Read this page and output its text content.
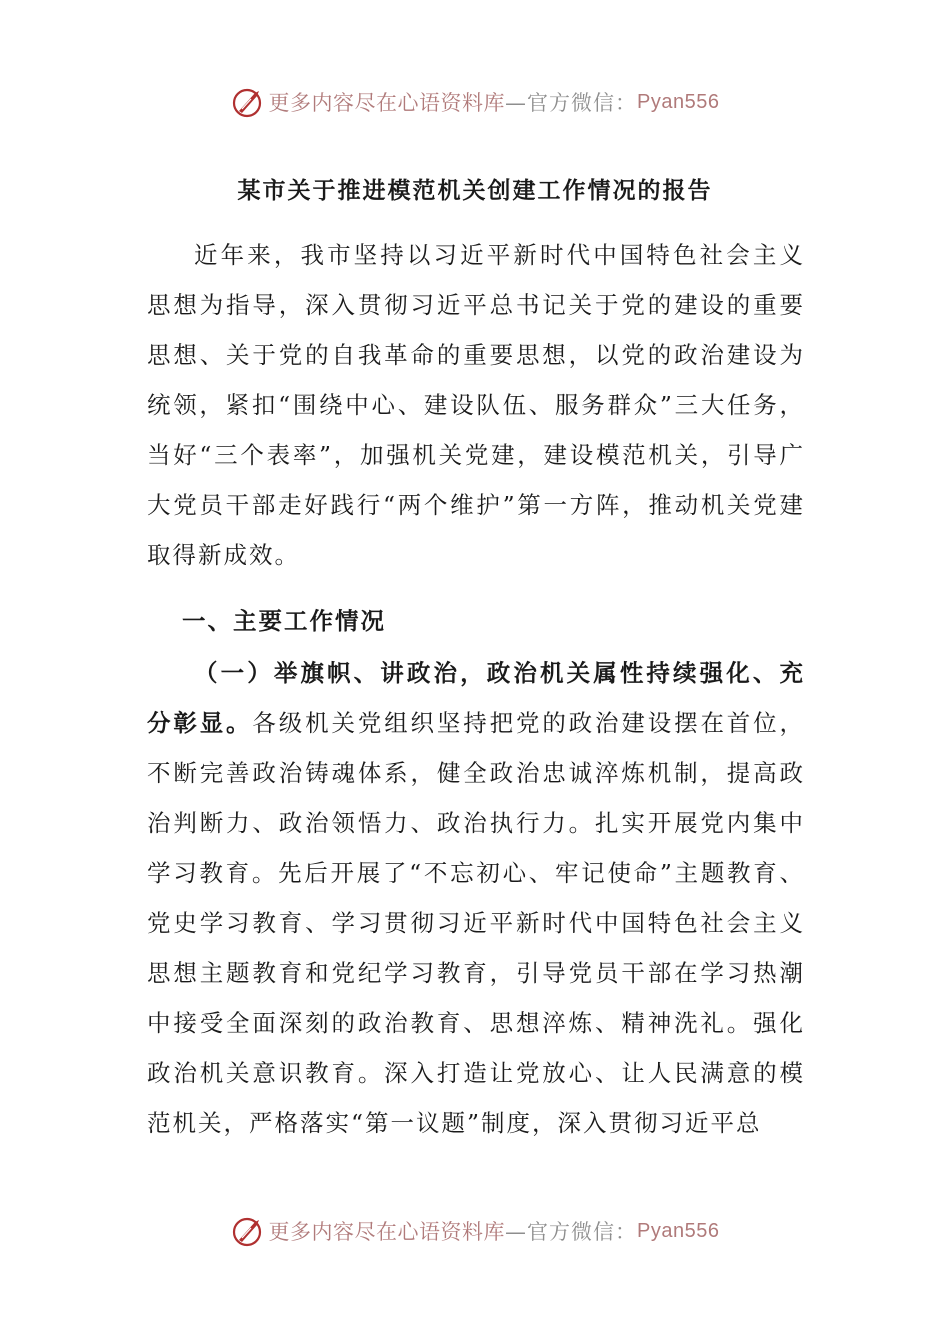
更多内容尽在心语资料库 —官方微信： Pyan556
某市关于推进模范机关创建工作情况的报告

近年来，我市坚持以习近平新时代中国特色社会主义思想为指导，深入贯彻习近平总书记关于党的建设的重要思想、关于党的自我革命的重要思想，以党的政治建设为统领，紧扣“围绕中心、建设队伍、服务群众”三大任务，当好“三个表率”，加强机关党建，建设模范机关，引导广大党员干部走好践行“两个维护”第一方阵，推动机关党建取得新成效。

一、主要工作情况

（一）举旗帜、讲政治，政治机关属性持续强化、充分彰显。各级机关党组织坚持把党的政治建设摆在首位，不断完善政治铸魂体系，健全政治忠诚淬炼机制，提高政治判断力、政治领悟力、政治执行力。扎实开展党内集中学习教育。先后开展了“不忘初心、牢记使命”主题教育、党史学习教育、学习贯彻习近平新时代中国特色社会主义思想主题教育和党纪学习教育，引导党员干部在学习热潮中接受全面深刻的政治教育、思想淬炼、精神洗礼。强化政治机关意识教育。深入打造让党放心、让人民满意的模范机关，严格落实“第一议题”制度，深入贯彻习近平总

更多内容尽在心语资料库 —官方微信： Pyan556
